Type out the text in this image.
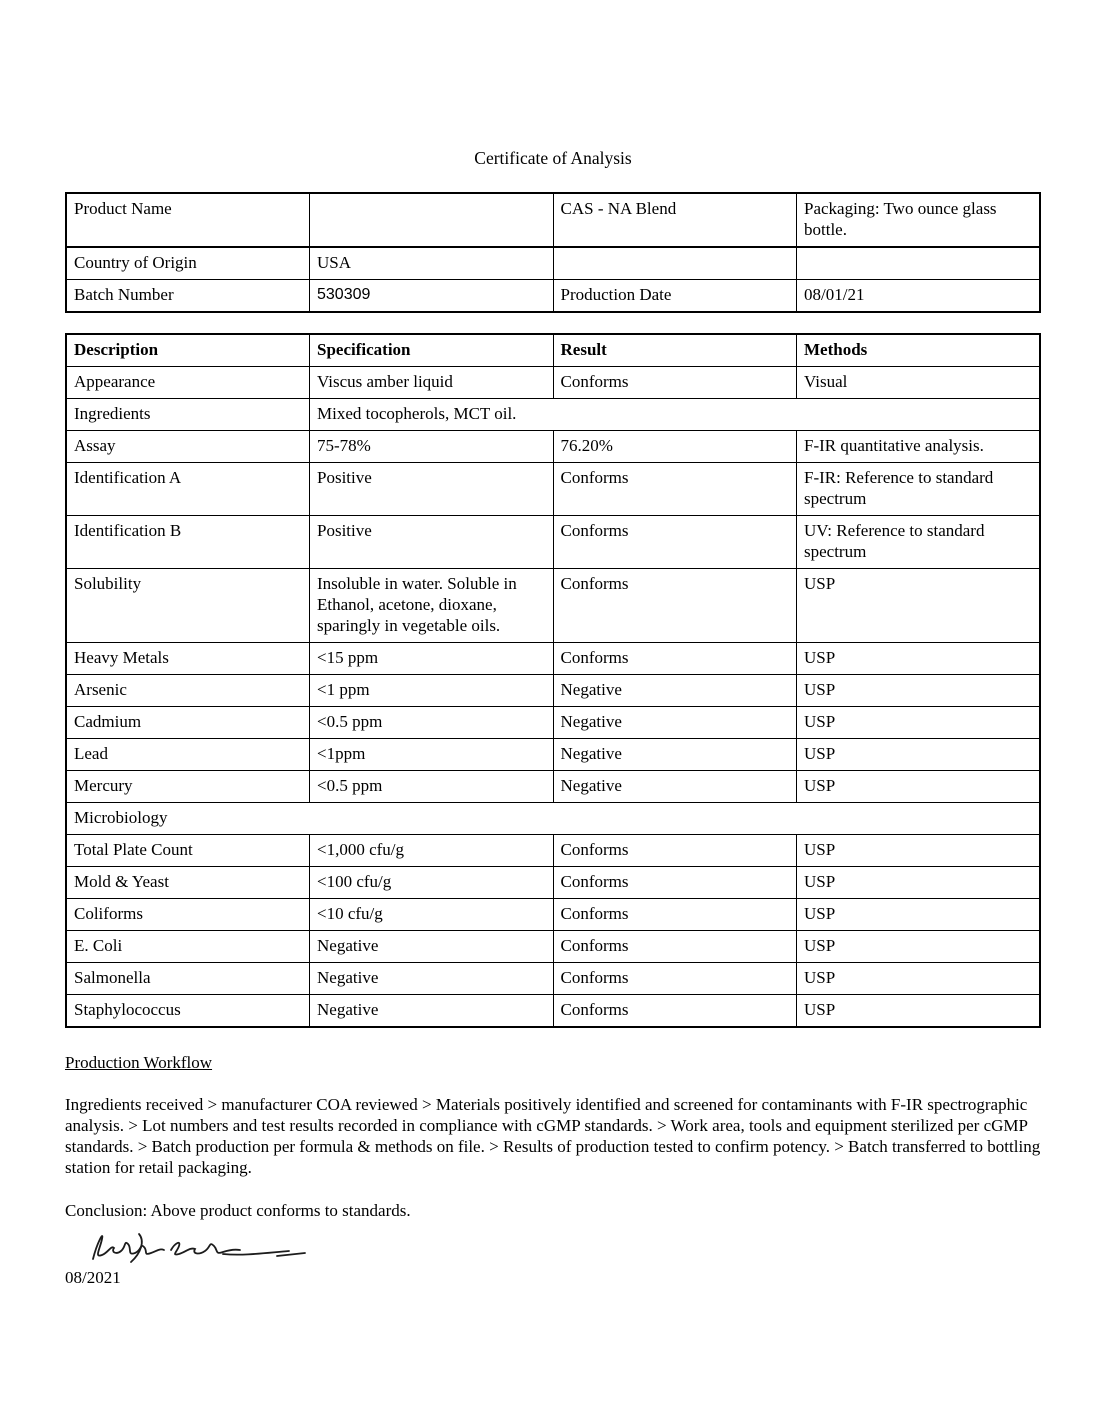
Certificate of Analysis
Product Name		CAS - NA Blend	Packaging: Two ounce glass bottle.
Country of Origin	USA		
Batch Number	530309	Production Date	08/01/21
Description	Specification	Result	Methods
Appearance	Viscus amber liquid	Conforms	Visual
Ingredients	Mixed tocopherols, MCT oil.		
Assay	75-78%	76.20%	F-IR quantitative analysis.
Identification A	Positive	Conforms	F-IR: Reference to standard spectrum
Identification B	Positive	Conforms	UV: Reference to standard spectrum
Solubility	Insoluble in water. Soluble in Ethanol, acetone, dioxane, sparingly in vegetable oils.	Conforms	USP
Heavy Metals	<15 ppm	Conforms	USP
Arsenic	<1 ppm	Negative	USP
Cadmium	<0.5 ppm	Negative	USP
Lead	<1ppm	Negative	USP
Mercury	<0.5 ppm	Negative	USP
Microbiology			
Total Plate Count	<1,000 cfu/g	Conforms	USP
Mold & Yeast	<100 cfu/g	Conforms	USP
Coliforms	<10 cfu/g	Conforms	USP
E. Coli	Negative	Conforms	USP
Salmonella	Negative	Conforms	USP
Staphylococcus	Negative	Conforms	USP
Production Workflow

Ingredients received > manufacturer COA reviewed > Materials positively identified and screened for contaminants with F-IR spectrographic analysis. > Lot numbers and test results recorded in compliance with cGMP standards. > Work area, tools and equipment sterilized per cGMP standards. > Batch production per formula & methods on file. > Results of production tested to confirm potency. > Batch transferred to bottling station for retail packaging.

Conclusion: Above product conforms to standards.

08/2021
